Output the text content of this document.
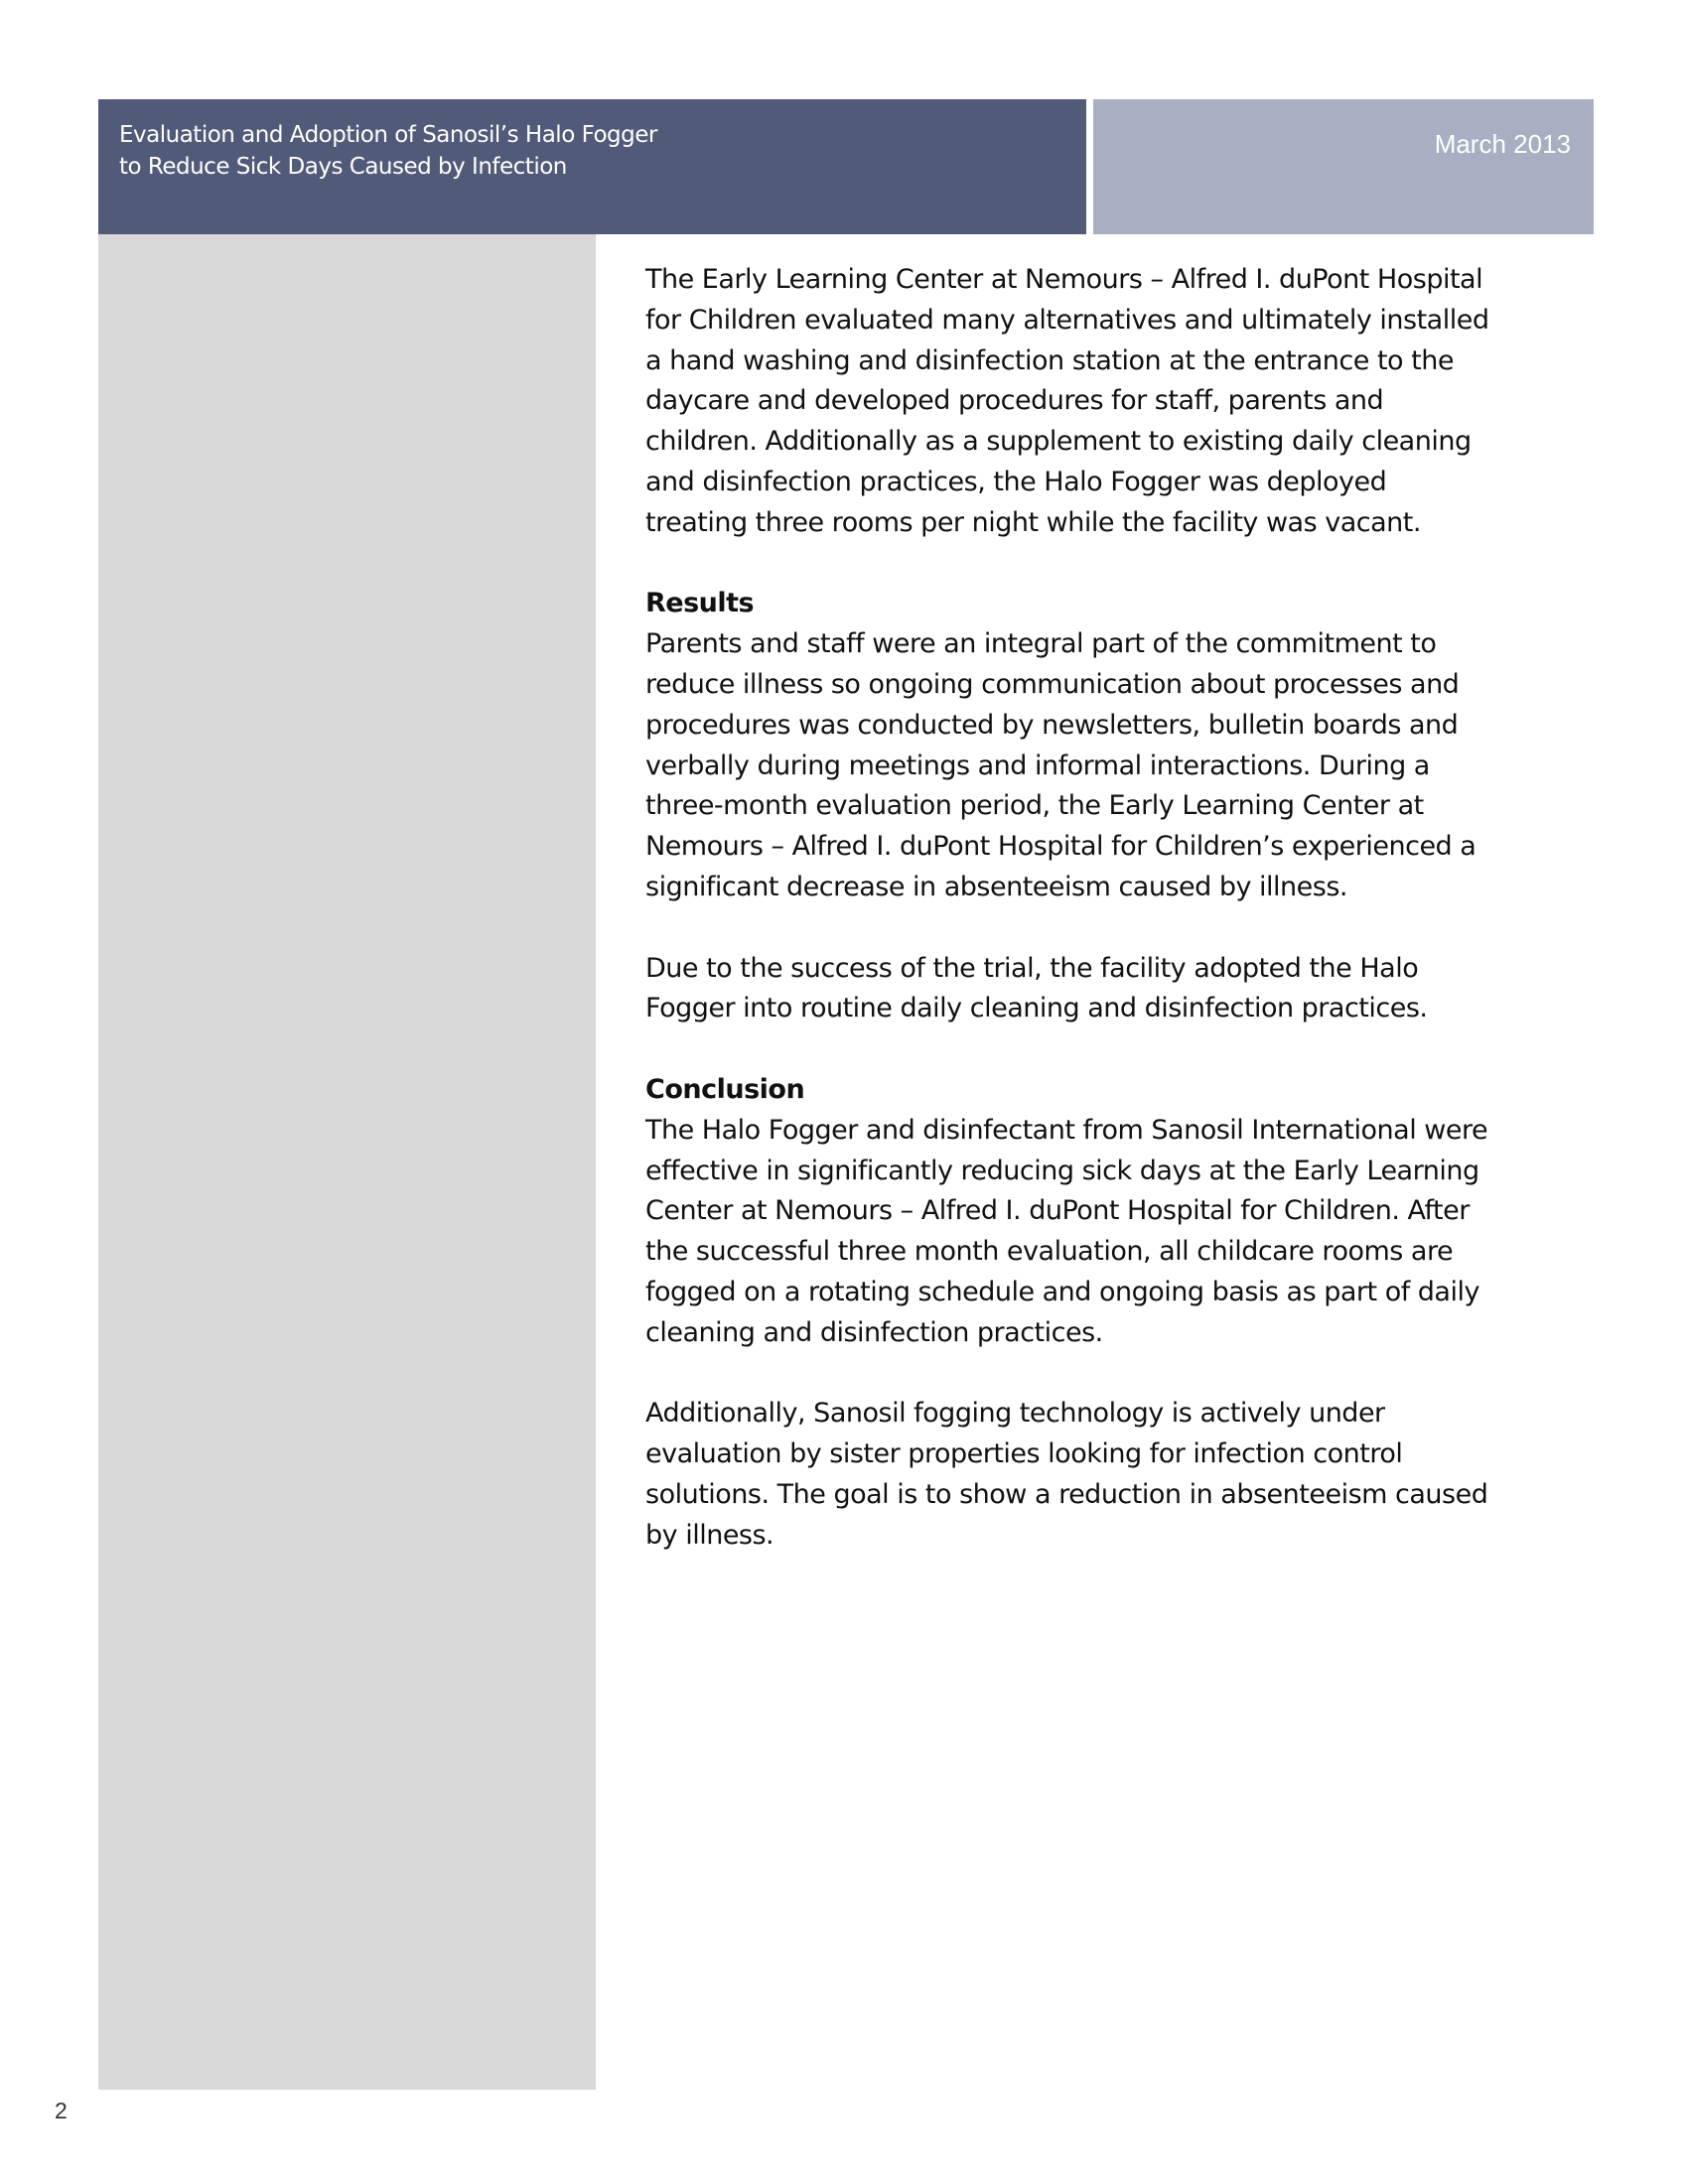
Evaluation and Adoption of Sanosil’s Halo Fogger
to Reduce Sick Days Caused by Infection
March 2013

The Early Learning Center at Nemours – Alfred I. duPont Hospital
for Children evaluated many alternatives and ultimately installed
a hand washing and disinfection station at the entrance to the
daycare and developed procedures for staff, parents and
children. Additionally as a supplement to existing daily cleaning
and disinfection practices, the Halo Fogger was deployed
treating three rooms per night while the facility was vacant.

Results
Parents and staff were an integral part of the commitment to
reduce illness so ongoing communication about processes and
procedures was conducted by newsletters, bulletin boards and
verbally during meetings and informal interactions. During a
three-month evaluation period, the Early Learning Center at
Nemours – Alfred I. duPont Hospital for Children’s experienced a
significant decrease in absenteeism caused by illness.

Due to the success of the trial, the facility adopted the Halo
Fogger into routine daily cleaning and disinfection practices.

Conclusion
The Halo Fogger and disinfectant from Sanosil International were
effective in significantly reducing sick days at the Early Learning
Center at Nemours – Alfred I. duPont Hospital for Children. After
the successful three month evaluation, all childcare rooms are
fogged on a rotating schedule and ongoing basis as part of daily
cleaning and disinfection practices.

Additionally, Sanosil fogging technology is actively under
evaluation by sister properties looking for infection control
solutions. The goal is to show a reduction in absenteeism caused
by illness.

2
